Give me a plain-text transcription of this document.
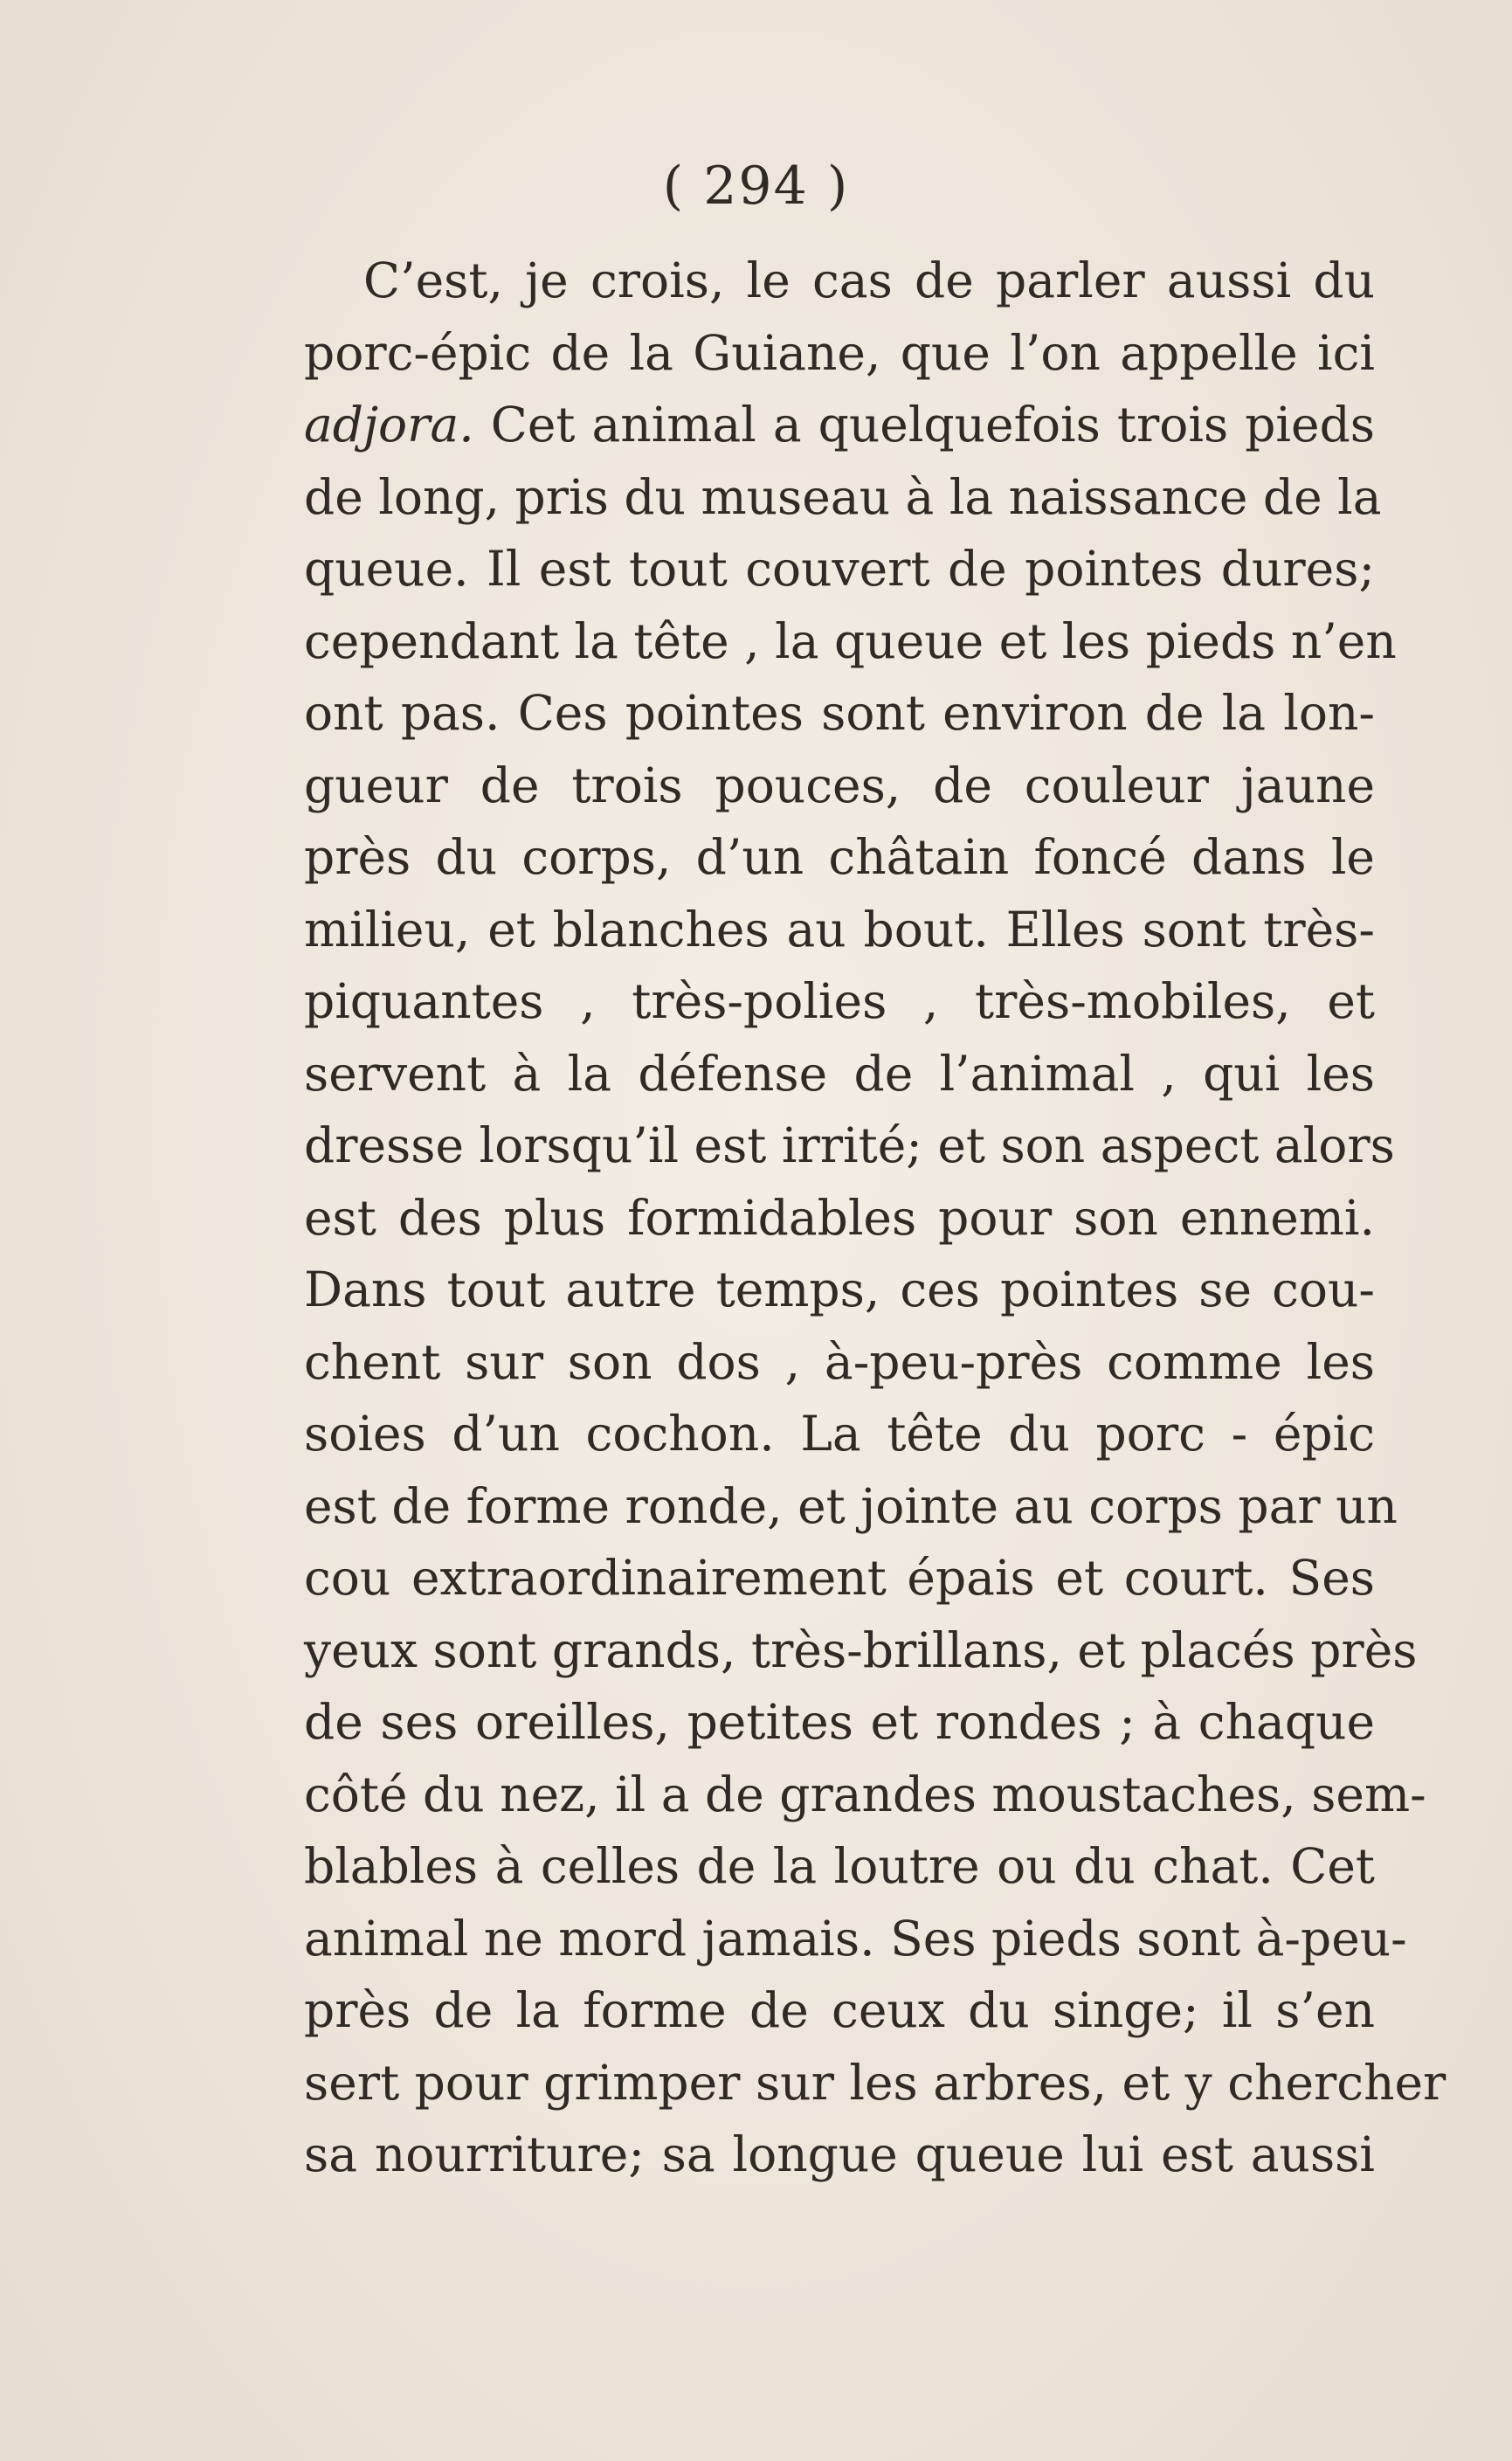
( 294 )
C’est, je crois, le cas de parler aussi du
porc-épic de la Guiane, que l’on appelle ici
adjora. Cet animal a quelquefois trois pieds
de long, pris du museau à la naissance de la
queue. Il est tout couvert de pointes dures;
cependant la tête , la queue et les pieds n’en
ont pas. Ces pointes sont environ de la lon-
gueur de trois pouces, de couleur jaune
près du corps, d’un châtain foncé dans le
milieu, et blanches au bout. Elles sont très-
piquantes , très-polies , très-mobiles, et
servent à la défense de l’animal , qui les
dresse lorsqu’il est irrité; et son aspect alors
est des plus formidables pour son ennemi.
Dans tout autre temps, ces pointes se cou-
chent sur son dos , à-peu-près comme les
soies d’un cochon. La tête du porc - épic
est de forme ronde, et jointe au corps par un
cou extraordinairement épais et court. Ses
yeux sont grands, très-brillans, et placés près
de ses oreilles, petites et rondes ; à chaque
côté du nez, il a de grandes moustaches, sem-
blables à celles de la loutre ou du chat. Cet
animal ne mord jamais. Ses pieds sont à-peu-
près de la forme de ceux du singe; il s’en
sert pour grimper sur les arbres, et y chercher
sa nourriture; sa longue queue lui est aussi
